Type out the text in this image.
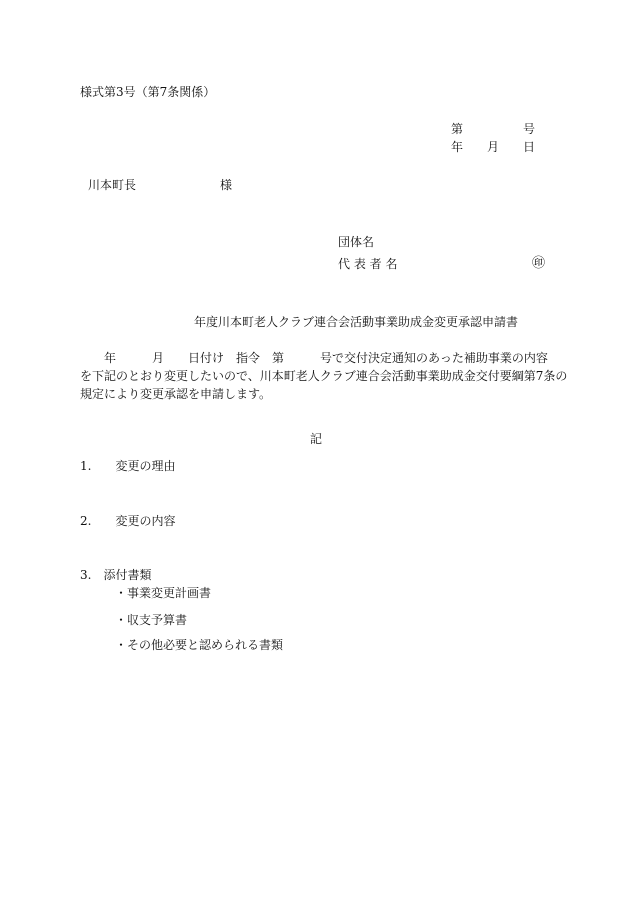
様式第3号（第7条関係）
第　　　　　号
年　　月　　日
川本町長　　　　　　　様
団体名
代 表 者 名	㊞
年度川本町老人クラブ連合会活動事業助成金変更承認申請書
　　年　　　月　　日付け　指令　第　　　号で交付決定通知のあった補助事業の内容
を下記のとおり変更したいので、川本町老人クラブ連合会活動事業助成金交付要綱第7条の
規定により変更承認を申請します。
記
1.　　変更の理由
2.　　変更の内容
3.　添付書類

・事業変更計画書

・収支予算書

・その他必要と認められる書類
